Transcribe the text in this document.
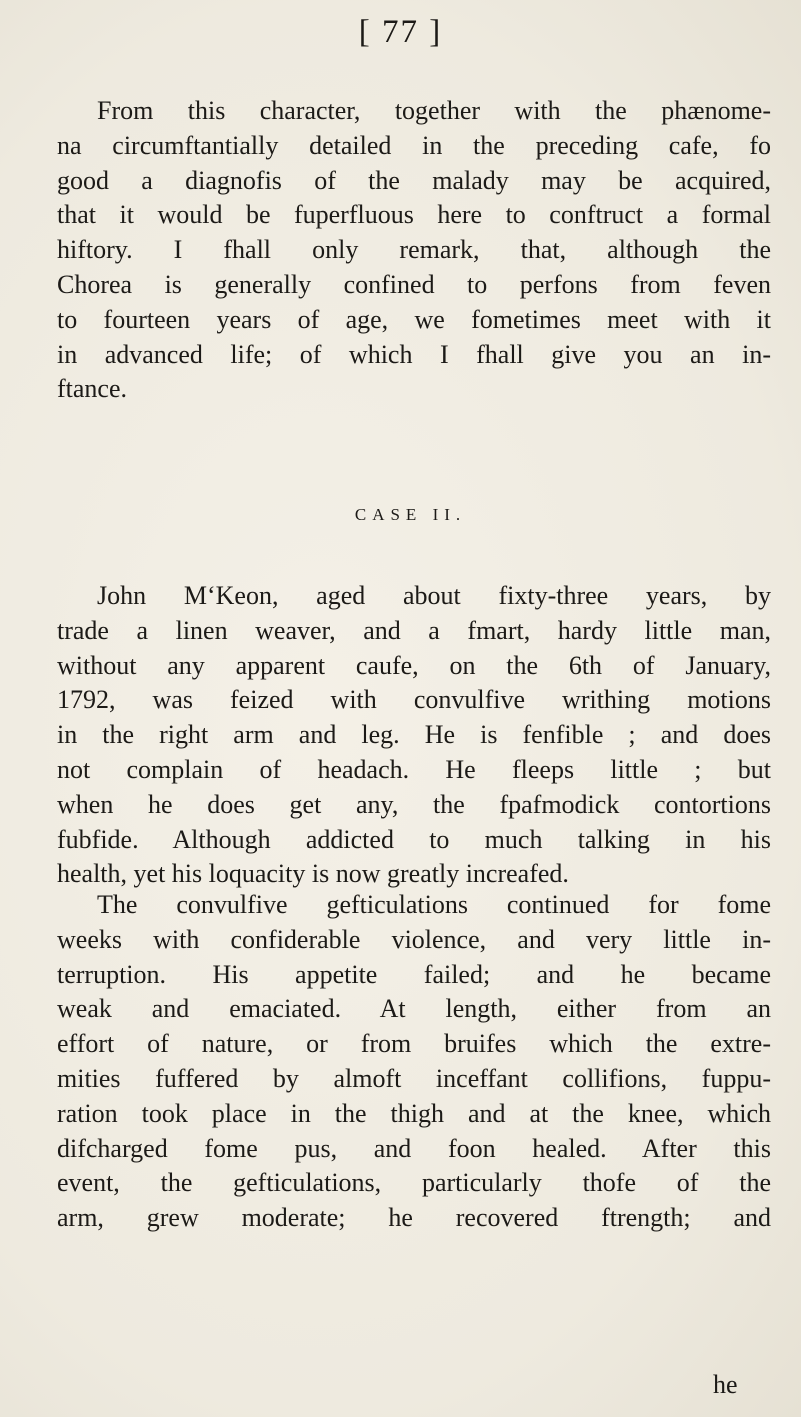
[ 77 ]

From this character, together with the phænome-
na circumftantially detailed in the preceding cafe, fo
good a diagnofis of the malady may be acquired,
that it would be fuperfluous here to conftruct a formal
hiftory. I fhall only remark, that, although the
Chorea is generally confined to perfons from feven
to fourteen years of age, we fometimes meet with it
in advanced life; of which I fhall give you an in-
ftance.

CASE II.

John M‘Keon, aged about fixty-three years, by
trade a linen weaver, and a fmart, hardy little man,
without any apparent caufe, on the 6th of January,
1792, was feized with convulfive writhing motions
in the right arm and leg. He is fenfible ; and does
not complain of headach. He fleeps little ; but
when he does get any, the fpafmodick contortions
fubfide. Although addicted to much talking in his
health, yet his loquacity is now greatly increafed.

The convulfive gefticulations continued for fome
weeks with confiderable violence, and very little in-
terruption. His appetite failed; and he became
weak and emaciated. At length, either from an
effort of nature, or from bruifes which the extre-
mities fuffered by almoft inceffant collifions, fuppu-
ration took place in the thigh and at the knee, which
difcharged fome pus, and foon healed. After this
event, the gefticulations, particularly thofe of the
arm, grew moderate; he recovered ftrength; and

he
